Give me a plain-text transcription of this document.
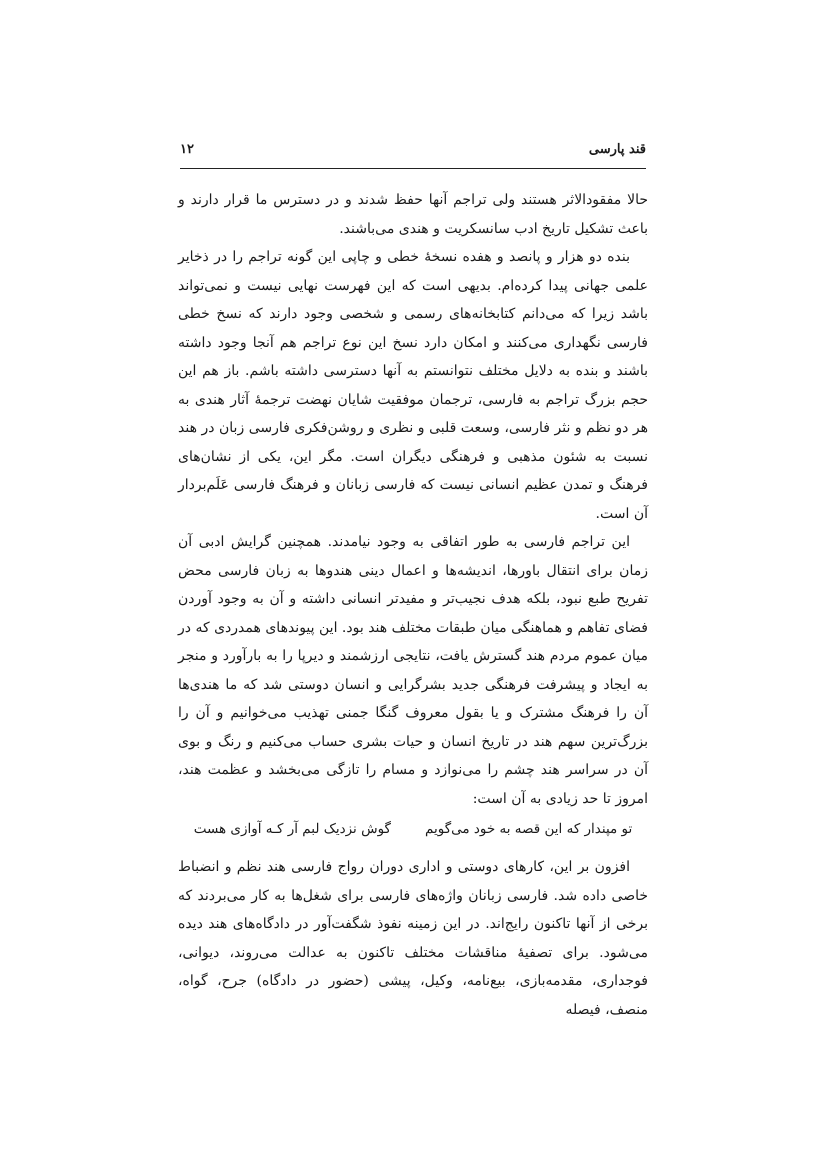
قند پارسی
۱۲

حالا مفقودالاثر هستند ولی تراجم آنها حفظ شدند و در دسترس ما قرار دارند و باعث تشکیل تاریخ ادب سانسکریت و هندی می‌باشند.

بنده دو هزار و پانصد و هفده نسخهٔ خطی و چاپی این گونه تراجم را در ذخایر علمی جهانی پیدا کرده‌ام. بدیهی است که این فهرست نهایی نیست و نمی‌تواند باشد زیرا که می‌دانم کتابخانه‌های رسمی و شخصی وجود دارند که نسخ خطی فارسی نگهداری می‌کنند و امکان دارد نسخ این نوع تراجم هم آنجا وجود داشته باشند و بنده به دلایل مختلف نتوانستم به آنها دسترسی داشته باشم. باز هم این حجم بزرگ تراجم به فارسی، ترجمان موفقیت شایان نهضت ترجمهٔ آثار هندی به هر دو نظم و نثر فارسی، وسعت قلبی و نظری و روشن‌فکری فارسی زبان در هند نسبت به شئون مذهبی و فرهنگی دیگران است. مگر این، یکی از نشان‌های فرهنگ و تمدن عظیم انسانی نیست که فارسی زبانان و فرهنگ فارسی عَلَم‌بردار آن است.

این تراجم فارسی به طور اتفاقی به وجود نیامدند. همچنین گرایش ادبی آن زمان برای انتقال باورها، اندیشه‌ها و اعمال دینی هندوها به زبان فارسی محض تفریح طبع نبود، بلکه هدف نجیب‌تر و مفیدتر انسانی داشته و آن به وجود آوردن فضای تفاهم و هماهنگی میان طبقات مختلف هند بود. این پیوندهای همدردی که در میان عموم مردم هند گسترش یافت، نتایجی ارزشمند و دیرپا را به بارآورد و منجر به ایجاد و پیشرفت فرهنگی جدید بشرگرایی و انسان دوستی شد که ما هندی‌ها آن را فرهنگ مشترک و یا بقول معروف گنگا جمنی تهذیب می‌خوانیم و آن را بزرگ‌ترین سهم هند در تاریخ انسان و حیات بشری حساب می‌کنیم و رنگ و بوی آن در سراسر هند چشم را می‌نوازد و مسام را تازگی می‌بخشد و عظمت هند، امروز تا حد زیادی به آن است:

تو مپندار که این قصه به خود می‌گویم
گوش نزدیک لبم آر کـه آوازی هست

افزون بر این، کارهای دوستی و اداری دوران رواج فارسی هند نظم و انضباط خاصی داده شد. فارسی زبانان واژه‌های فارسی برای شغل‌ها به کار می‌بردند که برخی از آنها تاکنون رایج‌اند. در این زمینه نفوذ شگفت‌آور در دادگاه‌های هند دیده می‌شود. برای تصفیهٔ مناقشات مختلف تاکنون به عدالت می‌روند، دیوانی، فوجداری، مقدمه‌بازی، بیع‌نامه، وکیل، پیشی (حضور در دادگاه) جرح، گواه، منصف، فیصله
